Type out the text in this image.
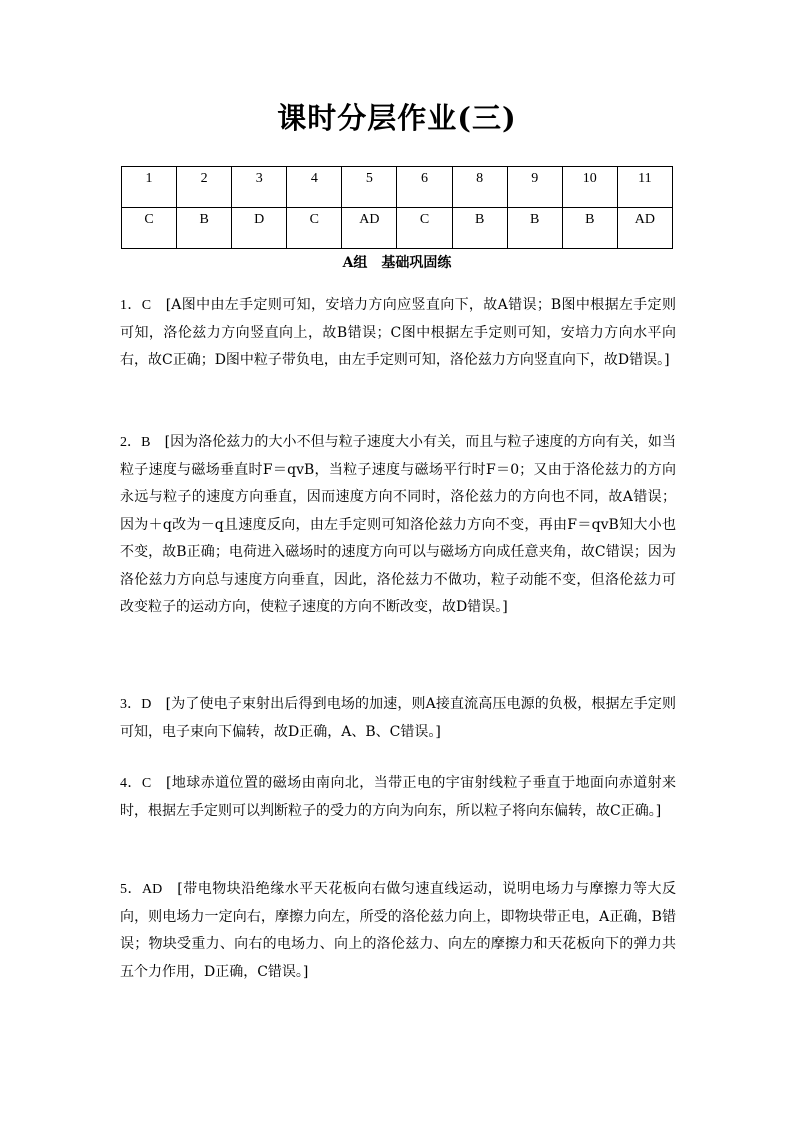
课时分层作业(三)
1	2	3	4	5	6	8	9	10	11
C	B	D	C	AD	C	B	B	B	AD
A组　基础巩固练
1．C　 [A图中由左手定则可知，安培力方向应竖直向下，故A错误；B图中根据左手定则可知，洛伦兹力方向竖直向上，故B错误；C图中根据左手定则可知，安培力方向水平向右，故C正确；D图中粒子带负电，由左手定则可知，洛伦兹力方向竖直向下，故D错误。]
2．B　 [因为洛伦兹力的大小不但与粒子速度大小有关，而且与粒子速度的方向有关，如当粒子速度与磁场垂直时F＝qvB，当粒子速度与磁场平行时F＝0；又由于洛伦兹力的方向永远与粒子的速度方向垂直，因而速度方向不同时，洛伦兹力的方向也不同，故A错误；因为＋q改为－q且速度反向，由左手定则可知洛伦兹力方向不变，再由F＝qvB知大小也不变，故B正确；电荷进入磁场时的速度方向可以与磁场方向成任意夹角，故C错误；因为洛伦兹力方向总与速度方向垂直，因此，洛伦兹力不做功，粒子动能不变，但洛伦兹力可改变粒子的运动方向，使粒子速度的方向不断改变，故D错误。]
3．D　 [为了使电子束射出后得到电场的加速，则A接直流高压电源的负极，根据左手定则可知，电子束向下偏转，故D正确，A、B、C错误。]
4．C　 [地球赤道位置的磁场由南向北，当带正电的宇宙射线粒子垂直于地面向赤道射来时，根据左手定则可以判断粒子的受力的方向为向东，所以粒子将向东偏转，故C正确。]
5．AD　 [带电物块沿绝缘水平天花板向右做匀速直线运动，说明电场力与摩擦力等大反向，则电场力一定向右，摩擦力向左，所受的洛伦兹力向上，即物块带正电，A正确，B错误；物块受重力、向右的电场力、向上的洛伦兹力、向左的摩擦力和天花板向下的弹力共五个力作用，D正确，C错误。]
